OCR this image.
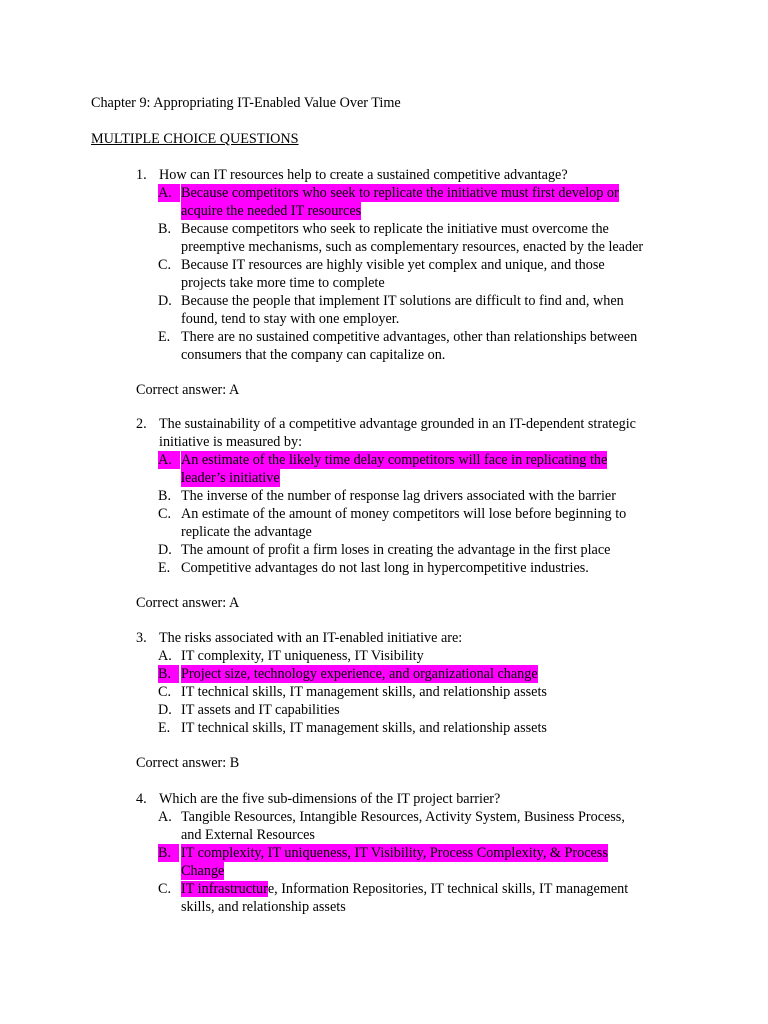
Chapter 9: Appropriating IT-Enabled Value Over Time
MULTIPLE CHOICE QUESTIONS
1. How can IT resources help to create a sustained competitive advantage?
A. Because competitors who seek to replicate the initiative must first develop or
acquire the needed IT resources
B. Because competitors who seek to replicate the initiative must overcome the
preemptive mechanisms, such as complementary resources, enacted by the leader
C. Because IT resources are highly visible yet complex and unique, and those
projects take more time to complete
D. Because the people that implement IT solutions are difficult to find and, when
found, tend to stay with one employer.
E. There are no sustained competitive advantages, other than relationships between
consumers that the company can capitalize on.
Correct answer: A
2. The sustainability of a competitive advantage grounded in an IT-dependent strategic
initiative is measured by:
A. An estimate of the likely time delay competitors will face in replicating the
leader’s initiative
B. The inverse of the number of response lag drivers associated with the barrier
C. An estimate of the amount of money competitors will lose before beginning to
replicate the advantage
D. The amount of profit a firm loses in creating the advantage in the first place
E. Competitive advantages do not last long in hypercompetitive industries.
Correct answer: A
3. The risks associated with an IT-enabled initiative are:
A. IT complexity, IT uniqueness, IT Visibility
B. Project size, technology experience, and organizational change
C. IT technical skills, IT management skills, and relationship assets
D. IT assets and IT capabilities
E. IT technical skills, IT management skills, and relationship assets
Correct answer: B
4. Which are the five sub-dimensions of the IT project barrier?
A. Tangible Resources, Intangible Resources, Activity System, Business Process,
and External Resources
B. IT complexity, IT uniqueness, IT Visibility, Process Complexity, & Process
Change
C. IT infrastructure, Information Repositories, IT technical skills, IT management
skills, and relationship assets
